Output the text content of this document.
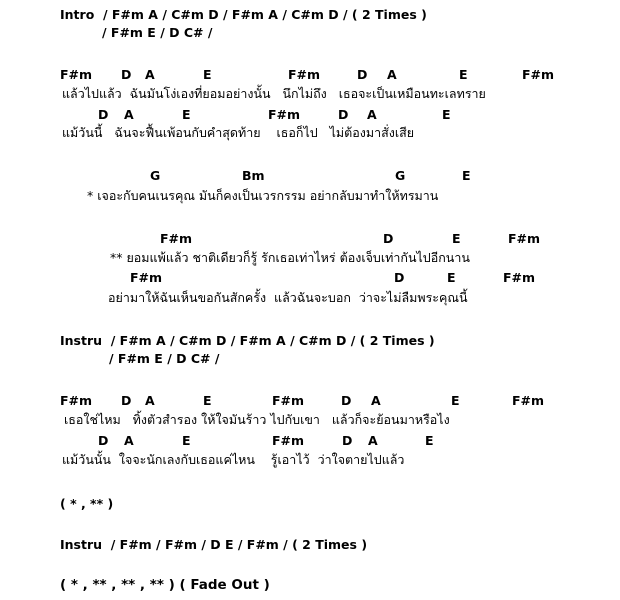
Intro  / F#m A / C#m D / F#m A / C#m D / ( 2 Times )
/ F#m E / D C# /
F#m D A	E	F#m	D A	E	F#m
แล้วไปแล้ว  ฉันมันโง่เองที่ยอมอย่างนั้น   นึกไม่ถึง   เธอจะเป็นเหมือนทะเลทราย
D A	E	F#m	D A	E
แม้วันนี้   ฉันจะฟื้นเพ้อนกับคำสุดท้าย    เธอก็ไป   ไม่ต้องมาสั่งเสีย
G	Bm	G	E
* เจอะกับคนเนรคุณ มันก็คงเป็นเวรกรรม อย่ากลับมาทำให้ทรมาน
F#m	D	E	F#m
** ยอมแพ้แล้ว ชาติเดียวก็รู้ รักเธอเท่าไหร่ ต้องเจ็บเท่ากันไปอีกนาน
F#m	D	E	F#m
อย่ามาให้ฉันเห็นขอกันสักครั้ง  แล้วฉันจะบอก  ว่าจะไม่ลืมพระคุณนี้
Instru  / F#m A / C#m D / F#m A / C#m D / ( 2 Times )
/ F#m E / D C# /
F#m D A	E	F#m	D A	E	F#m
เธอใช่ไหม   ทิ้งตัวสำรอง ให้ใจมันร้าว ไปกับเขา   แล้วก็จะย้อนมาหรือไง
D A	E	F#m	D A	E
แม้วันนั้น  ใจจะนักเลงกับเธอแค่ไหน    รู้เอาไว้  ว่าใจตายไปแล้ว
( * , ** )
Instru  / F#m / F#m / D E / F#m / ( 2 Times )
( * , ** , ** , ** ) ( Fade Out )
